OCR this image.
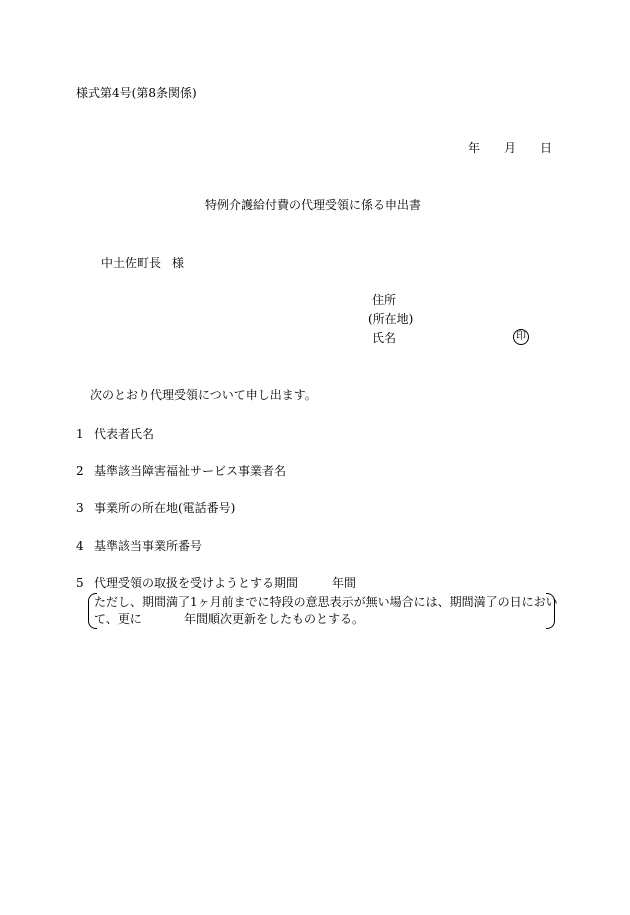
様式第4号(第8条関係)
年 月 日
特例介護給付費の代理受領に係る申出書
中土佐町長 様
住所
(所在地)
氏名	印
次のとおり代理受領について申し出ます。
1 代表者氏名
2 基準該当障害福祉サービス事業者名
3 事業所の所在地(電話番号)
4 基準該当事業所番号
5 代理受領の取扱を受けようとする期間	年間
ただし、期間満了1ヶ月前までに特段の意思表示が無い場合には、期間満了の日におい
て、更に	年間順次更新をしたものとする。
